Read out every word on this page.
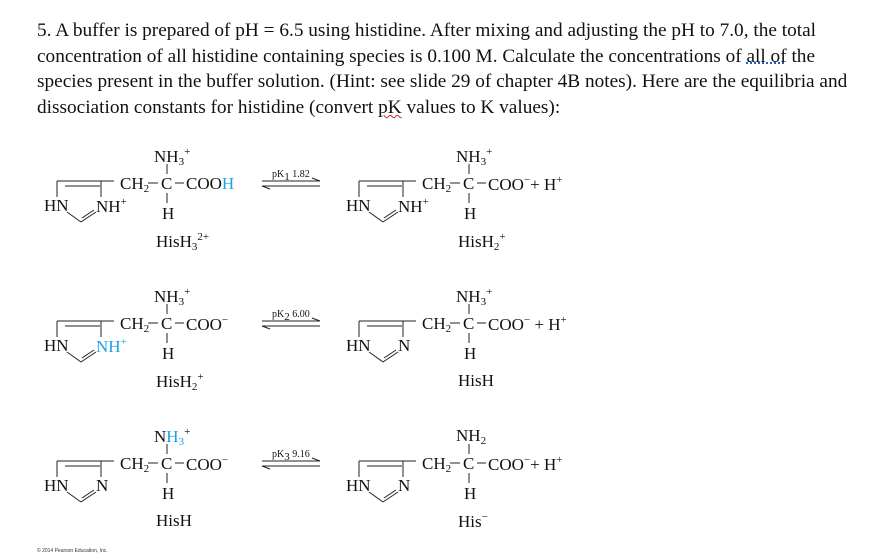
5. A buffer is prepared of pH = 6.5 using histidine. After mixing and adjusting the pH to 7.0, the total concentration of all histidine containing species is 0.100 M. Calculate the concentrations of all of the species present in the buffer solution. (Hint: see slide 29 of chapter 4B notes). Here are the equilibria and dissociation constants for histidine (convert pK values to K values):
HN NH+
$CH_2$ C COOH
$NH_3^+$
H
HisH$_3^{2+}$
HN NH+
$CH_2$ C COO−+ H+
$NH_3^+$
H
HisH$_2$+
$pK_1$ 1.82
HN NH+
$CH_2$ C COO−
$NH_3^+$
H
HisH$_2$+
HN N
$CH_2$ C COO− + H+
$NH_3^+$
H
HisH
$pK_2$ 6.00
HN N
$CH_2$ C COO−
$NH_3^+$
H
HisH
HN N
$CH_2$ C COO−+ H+
$NH_2$
H
His−
$pK_3$ 9.16
© 2014 Pearson Education, Inc.
